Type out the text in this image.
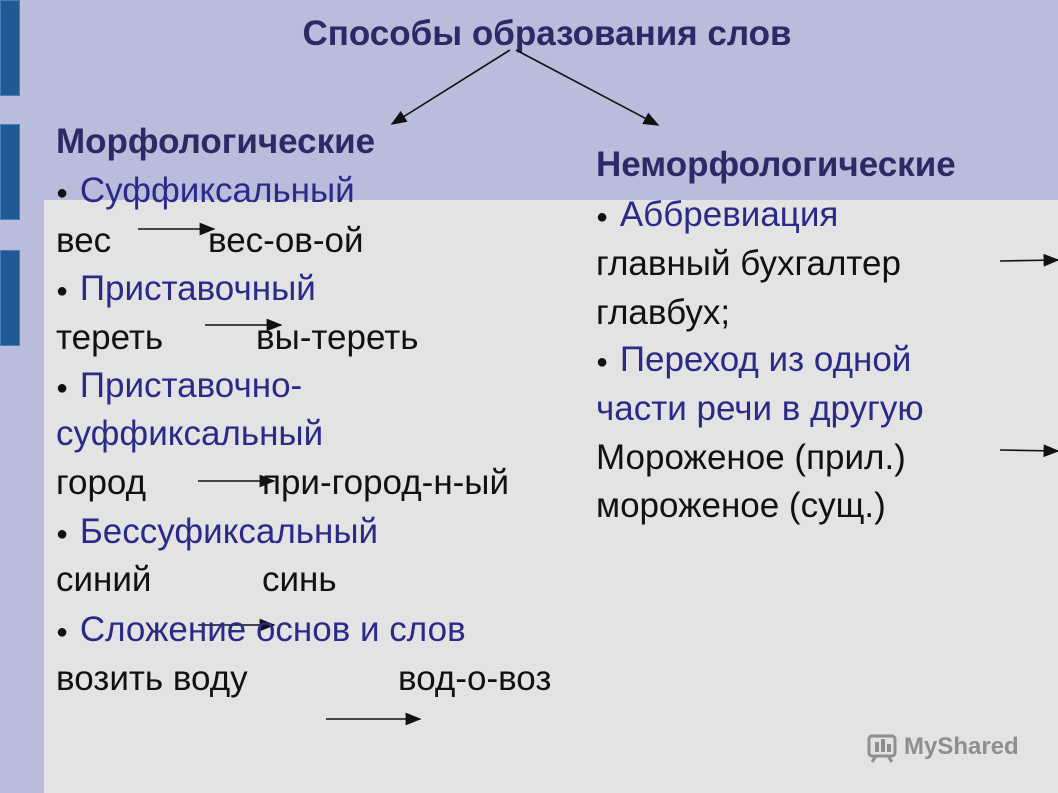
Способы образования слов
Морфологические
● Суффиксальный
вес	вес-ов-ой
● Приставочный
тереть	вы-тереть
● Приставочно-
суффиксальный
город	при-город-н-ый
● Бессуфиксальный
синий	синь
● Сложение основ и слов
возить воду	вод-о-воз
Неморфологические
● Аббревиация
главный бухгалтер
главбух;
● Переход из одной
части речи в другую
Мороженое (прил.)
мороженое (сущ.)
MyShared
